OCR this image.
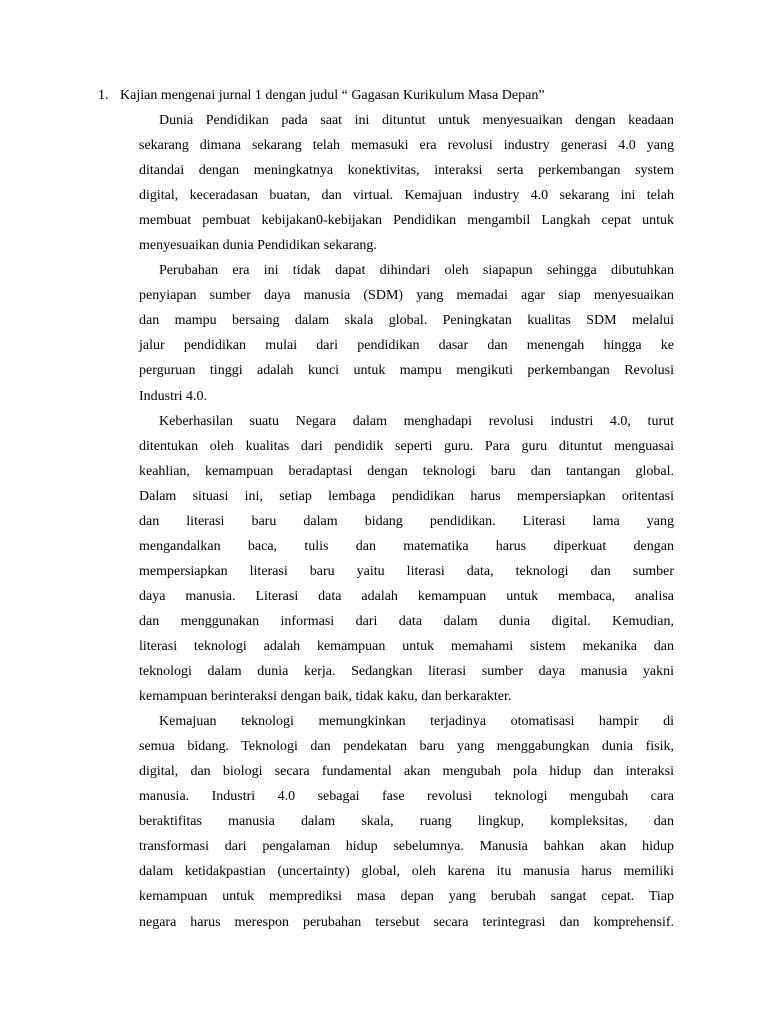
1. Kajian mengenai jurnal 1 dengan judul “ Gagasan Kurikulum Masa Depan”
Dunia Pendidikan pada saat ini dituntut untuk menyesuaikan dengan keadaan
sekarang dimana sekarang telah memasuki era revolusi industry generasi 4.0 yang
ditandai dengan meningkatnya konektivitas, interaksi serta perkembangan system
digital, keceradasan buatan, dan virtual. Kemajuan industry 4.0 sekarang ini telah
membuat pembuat kebijakan0-kebijakan Pendidikan mengambil Langkah cepat untuk
menyesuaikan dunia Pendidikan sekarang.
Perubahan era ini tidak dapat dihindari oleh siapapun sehingga dibutuhkan
penyiapan sumber daya manusia (SDM) yang memadai agar siap menyesuaikan
dan mampu bersaing dalam skala global. Peningkatan kualitas SDM melalui
jalur pendidikan mulai dari pendidikan dasar dan menengah hingga ke
perguruan tinggi adalah kunci untuk mampu mengikuti perkembangan Revolusi
Industri 4.0.
Keberhasilan suatu Negara dalam menghadapi revolusi industri 4.0, turut
ditentukan oleh kualitas dari pendidik seperti guru. Para guru dituntut menguasai
keahlian, kemampuan beradaptasi dengan teknologi baru dan tantangan global.
Dalam situasi ini, setiap lembaga pendidikan harus mempersiapkan oritentasi
dan literasi baru dalam bidang pendidikan. Literasi lama yang
mengandalkan baca, tulis dan matematika harus diperkuat dengan
mempersiapkan literasi baru yaitu literasi data, teknologi dan sumber
daya manusia. Literasi data adalah kemampuan untuk membaca, analisa
dan menggunakan informasi dari data dalam dunia digital. Kemudian,
literasi teknologi adalah kemampuan untuk memahami sistem mekanika dan
teknologi dalam dunia kerja. Sedangkan literasi sumber daya manusia yakni
kemampuan berinteraksi dengan baik, tidak kaku, dan berkarakter.
Kemajuan teknologi memungkinkan terjadinya otomatisasi hampir di
semua bidang. Teknologi dan pendekatan baru yang menggabungkan dunia fisik,
digital, dan biologi secara fundamental akan mengubah pola hidup dan interaksi
manusia. Industri 4.0 sebagai fase revolusi teknologi mengubah cara
beraktifitas manusia dalam skala, ruang lingkup, kompleksitas, dan
transformasi dari pengalaman hidup sebelumnya. Manusia bahkan akan hidup
dalam ketidakpastian (uncertainty) global, oleh karena itu manusia harus memiliki
kemampuan untuk memprediksi masa depan yang berubah sangat cepat. Tiap
negara harus merespon perubahan tersebut secara terintegrasi dan komprehensif.
